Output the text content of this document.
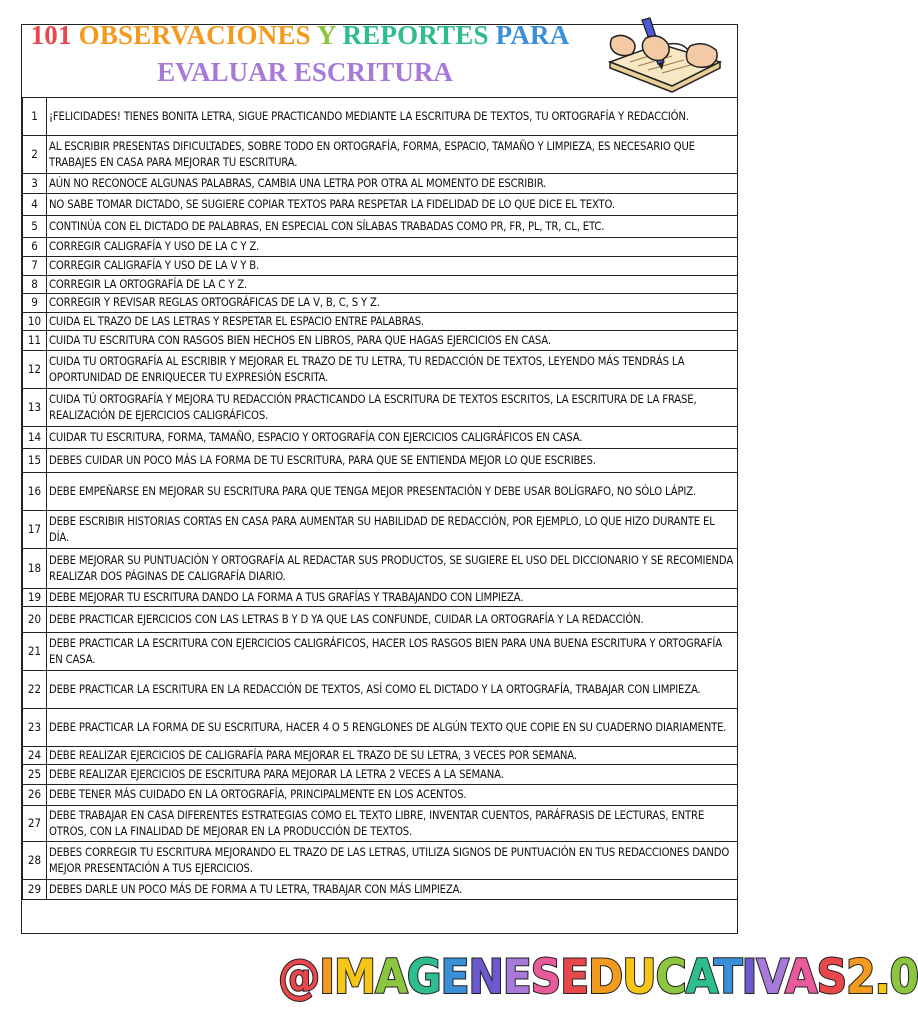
101 OBSERVACIONES Y REPORTES PARA
EVALUAR ESCRITURA
1	¡FELICIDADES! TIENES BONITA LETRA, SIGUE PRACTICANDO MEDIANTE LA ESCRITURA DE TEXTOS, TU ORTOGRAFÍA Y REDACCIÓN.
2	AL ESCRIBIR PRESENTAS DIFICULTADES, SOBRE TODO EN ORTOGRAFÍA, FORMA, ESPACIO, TAMAÑO Y LIMPIEZA, ES NECESARIO QUE TRABAJES EN CASA PARA MEJORAR TU ESCRITURA.
3	AÚN NO RECONOCE ALGUNAS PALABRAS, CAMBIA UNA LETRA POR OTRA AL MOMENTO DE ESCRIBIR.
4	NO SABE TOMAR DICTADO, SE SUGIERE COPIAR TEXTOS PARA RESPETAR LA FIDELIDAD DE LO QUE DICE EL TEXTO.
5	CONTINÚA CON EL DICTADO DE PALABRAS, EN ESPECIAL CON SÍLABAS TRABADAS COMO PR, FR, PL, TR, CL, ETC.
6	CORREGIR CALIGRAFÍA Y USO DE LA C Y Z.
7	CORREGIR CALIGRAFÍA Y USO DE LA V Y B.
8	CORREGIR LA ORTOGRAFÍA DE LA C Y Z.
9	CORREGIR Y REVISAR REGLAS ORTOGRÁFICAS DE LA V, B, C, S Y Z.
10	CUIDA EL TRAZO DE LAS LETRAS Y RESPETAR EL ESPACIO ENTRE PALABRAS.
11	CUIDA TU ESCRITURA CON RASGOS BIEN HECHOS EN LIBROS, PARA QUE HAGAS EJERCICIOS EN CASA.
12	CUIDA TU ORTOGRAFÍA AL ESCRIBIR Y MEJORAR EL TRAZO DE TU LETRA, TU REDACCIÓN DE TEXTOS, LEYENDO MÁS TENDRÁS LA OPORTUNIDAD DE ENRIQUECER TU EXPRESIÓN ESCRITA.
13	CUIDA TÚ ORTOGRAFÍA Y MEJORA TU REDACCIÓN PRACTICANDO LA ESCRITURA DE TEXTOS ESCRITOS, LA ESCRITURA DE LA FRASE, REALIZACIÓN DE EJERCICIOS CALIGRÁFICOS.
14	CUIDAR TU ESCRITURA, FORMA, TAMAÑO, ESPACIO Y ORTOGRAFÍA CON EJERCICIOS CALIGRÁFICOS EN CASA.
15	DEBES CUIDAR UN POCO MÁS LA FORMA DE TU ESCRITURA, PARA QUE SE ENTIENDA MEJOR LO QUE ESCRIBES.
16	DEBE EMPEÑARSE EN MEJORAR SU ESCRITURA PARA QUE TENGA MEJOR PRESENTACIÓN Y DEBE USAR BOLÍGRAFO, NO SÓLO LÁPIZ.
17	DEBE ESCRIBIR HISTORIAS CORTAS EN CASA PARA AUMENTAR SU HABILIDAD DE REDACCIÓN, POR EJEMPLO, LO QUE HIZO DURANTE EL DÍA.
18	DEBE MEJORAR SU PUNTUACIÓN Y ORTOGRAFÍA AL REDACTAR SUS PRODUCTOS, SE SUGIERE EL USO DEL DICCIONARIO Y SE RECOMIENDA REALIZAR DOS PÁGINAS DE CALIGRAFÍA DIARIO.
19	DEBE MEJORAR TU ESCRITURA DANDO LA FORMA A TUS GRAFÍAS Y TRABAJANDO CON LIMPIEZA.
20	DEBE PRACTICAR EJERCICIOS CON LAS LETRAS B Y D YA QUE LAS CONFUNDE, CUIDAR LA ORTOGRAFÍA Y LA REDACCIÓN.
21	DEBE PRACTICAR LA ESCRITURA CON EJERCICIOS CALIGRÁFICOS, HACER LOS RASGOS BIEN PARA UNA BUENA ESCRITURA Y ORTOGRAFÍA EN CASA.
22	DEBE PRACTICAR LA ESCRITURA EN LA REDACCIÓN DE TEXTOS, ASÍ COMO EL DICTADO Y LA ORTOGRAFÍA, TRABAJAR CON LIMPIEZA.
23	DEBE PRACTICAR LA FORMA DE SU ESCRITURA, HACER 4 O 5 RENGLONES DE ALGÚN TEXTO QUE COPIE EN SU CUADERNO DIARIAMENTE.
24	DEBE REALIZAR EJERCICIOS DE CALIGRAFÍA PARA MEJORAR EL TRAZO DE SU LETRA, 3 VECES POR SEMANA.
25	DEBE REALIZAR EJERCICIOS DE ESCRITURA PARA MEJORAR LA LETRA 2 VECES A LA SEMANA.
26	DEBE TENER MÁS CUIDADO EN LA ORTOGRAFÍA, PRINCIPALMENTE EN LOS ACENTOS.
27	DEBE TRABAJAR EN CASA DIFERENTES ESTRATEGIAS COMO EL TEXTO LIBRE, INVENTAR CUENTOS, PARÁFRASIS DE LECTURAS, ENTRE OTROS, CON LA FINALIDAD DE MEJORAR EN LA PRODUCCIÓN DE TEXTOS.
28	DEBES CORREGIR TU ESCRITURA MEJORANDO EL TRAZO DE LAS LETRAS, UTILIZA SIGNOS DE PUNTUACIÓN EN TUS REDACCIONES DANDO MEJOR PRESENTACIÓN A TUS EJERCICIOS.
29	DEBES DARLE UN POCO MÁS DE FORMA A TU LETRA, TRABAJAR CON MÁS LIMPIEZA.
@IMAGENESEDUCATIVAS2.0
